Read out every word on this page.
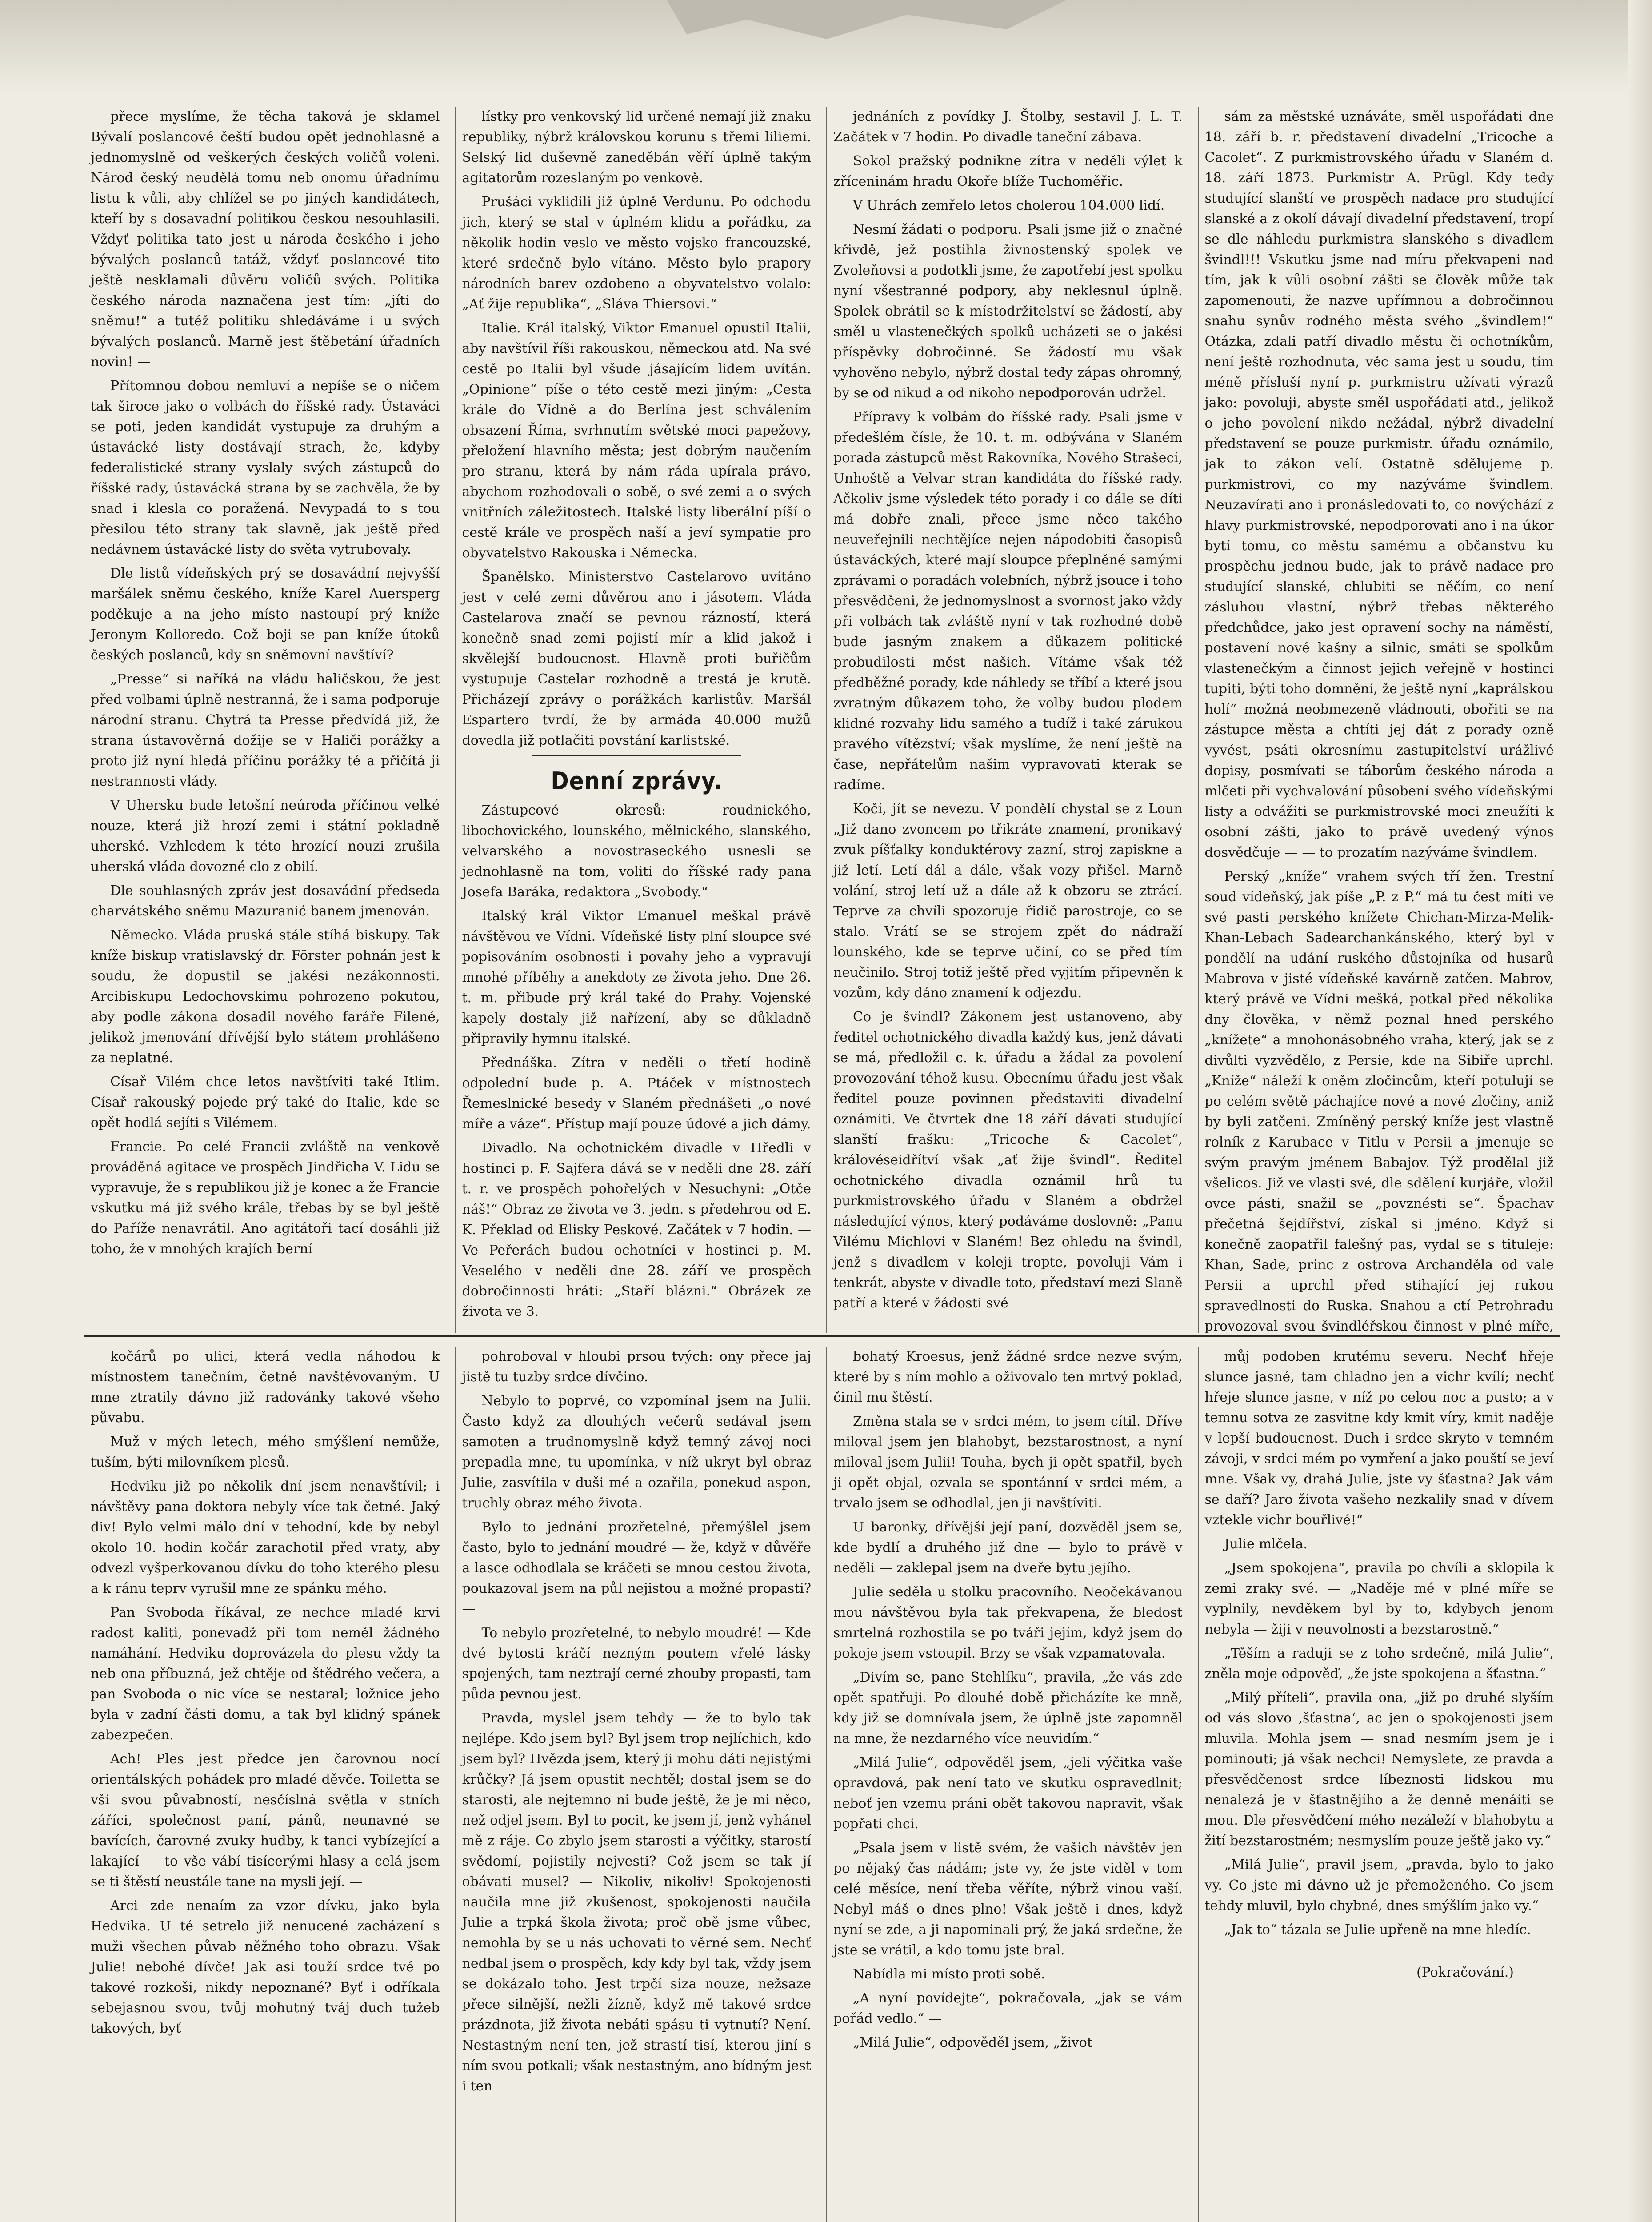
přece myslíme, že těcha taková je sklamel Bývalí poslancové čeští budou opět jednohlasně a jednomyslně od veškerých českých voličů voleni. Národ český neudělá tomu neb onomu úřadnímu listu k vůli, aby chlížel se po jiných kandidátech, kteří by s dosavadní politikou českou nesouhlasili. Vždyť politika tato jest u národa českého i jeho bývalých poslanců tatáž, vždyť poslancové tito ještě nesklamali důvěru voličů svých. Politika českého národa naznačena jest tím: „jíti do sněmu!“ a tutéž politiku shledáváme i u svých bývalých poslanců. Marně jest štěbetání úřadních novin! —

Přítomnou dobou nemluví a nepíše se o ničem tak široce jako o volbách do říšské rady. Ústaváci se poti, jeden kandidát vystupuje za druhým a ústavácké listy dostávají strach, že, kdyby federalistické strany vyslaly svých zástupců do říšské rady, ústavácká strana by se zachvěla, že by snad i klesla co poražená. Nevypadá to s tou přesilou této strany tak slavně, jak ještě před nedávnem ústavácké listy do světa vytrubovaly.

Dle listů vídeňských prý se dosavádní nejvyšší maršálek sněmu českého, kníže Karel Auersperg poděkuje a na jeho místo nastoupí prý kníže Jeronym Kolloredo. Což boji se pan kníže útoků českých poslanců, kdy sn sněmovní navštíví?

„Presse“ si naříká na vládu haličskou, že jest před volbami úplně nestranná, že i sama podporuje národní stranu. Chytrá ta Presse předvídá již, že strana ústavověrná dožije se v Haliči porážky a proto již nyní hledá příčinu porážky té a přičítá ji nestrannosti vlády.

V Uhersku bude letošní neúroda příčinou velké nouze, která již hrozí zemi i státní pokladně uherské. Vzhledem k této hrozící nouzi zrušila uherská vláda dovozné clo z obilí.

Dle souhlasných zpráv jest dosavádní předseda charvátského sněmu Mazuranić banem jmenován.

Německo. Vláda pruská stále stíhá biskupy. Tak kníže biskup vratislavský dr. Förster pohnán jest k soudu, že dopustil se jakési nezákonnosti. Arcibiskupu Ledochovskimu pohrozeno pokutou, aby podle zákona dosadil nového faráře Filené, jelikož jmenování dřívější bylo státem prohlášeno za neplatné.

Císař Vilém chce letos navštíviti také Itlim. Císař rakouský pojede prý také do Italie, kde se opět hodlá sejíti s Vilémem.

Francie. Po celé Francii zvláště na venkově prováděná agitace ve prospěch Jindřicha V. Lidu se vypravuje, že s republikou již je konec a že Francie vskutku má již svého krále, třebas by se byl ještě do Paříže nenavrátil. Ano agitátoři tací dosáhli již toho, že v mnohých krajích berní

lístky pro venkovský lid určené nemají již znaku republiky, nýbrž královskou korunu s třemi liliemi. Selský lid duševně zaneděbán věří úplně takým agitatorům rozeslaným po venkově.

Prušáci vyklidili již úplně Verdunu. Po odchodu jich, který se stal v úplném klidu a pořádku, za několik hodin veslo ve město vojsko francouzské, které srdečně bylo vítáno. Město bylo prapory národních barev ozdobeno a obyvatelstvo volalo: „Ať žije republika“, „Sláva Thiersovi.“

Italie. Král italský, Viktor Emanuel opustil Italii, aby navštívil říši rakouskou, německou atd. Na své cestě po Italii byl všude jásajícím lidem uvítán. „Opinione“ píše o této cestě mezi jiným: „Cesta krále do Vídně a do Berlína jest schválením obsazení Říma, svrhnutím světské moci papežovy, přeložení hlavního města; jest dobrým naučením pro stranu, která by nám ráda upírala právo, abychom rozhodovali o sobě, o své zemi a o svých vnitřních záležitostech. Italské listy liberální píší o cestě krále ve prospěch naší a jeví sympatie pro obyvatelstvo Rakouska i Německa.

Španělsko. Ministerstvo Castelarovo uvítáno jest v celé zemi důvěrou ano i jásotem. Vláda Castelarova značí se pevnou rázností, která konečně snad zemi pojistí mír a klid jakož i skvělejší budoucnost. Hlavně proti buřičům vystupuje Castelar rozhodně a trestá je krutě. Přicházejí zprávy o porážkách karlistův. Maršál Espartero tvrdí, že by armáda 40.000 mužů dovedla již potlačiti povstání karlistské.

Denní zprávy.

Zástupcové okresů: roudnického, libochovického, lounského, mělnického, slanského, velvarského a novostraseckého usnesli se jednohlasně na tom, voliti do říšské rady pana Josefa Baráka, redaktora „Svobody.“

Italský král Viktor Emanuel meškal právě návštěvou ve Vídni. Vídeňské listy plní sloupce své popisováním osobnosti i povahy jeho a vypravují mnohé příběhy a anekdoty ze života jeho. Dne 26. t. m. přibude prý král také do Prahy. Vojenské kapely dostaly již nařízení, aby se důkladně připravily hymnu italské.

Přednáška. Zítra v neděli o třetí hodině odpolední bude p. A. Ptáček v místnostech Řemeslnické besedy v Slaném přednášeti „o nové míře a váze“. Přístup mají pouze údové a jich dámy.

Divadlo. Na ochotnickém divadle v Hředli v hostinci p. F. Sajfera dává se v neděli dne 28. září t. r. ve prospěch pohořelých v Nesuchyni: „Otče náš!“ Obraz ze života ve 3. jedn. s předehrou od E. K. Překlad od Elisky Peskové. Začátek v 7 hodin. — Ve Peřerách budou ochotníci v hostinci p. M. Veselého v neděli dne 28. září ve prospěch dobročinnosti hráti: „Staří blázni.“ Obrázek ze života ve 3.

jednáních z povídky J. Štolby, sestavil J. L. T. Začátek v 7 hodin. Po divadle taneční zábava.

Sokol pražský podnikne zítra v neděli výlet k zříceninám hradu Okoře blíže Tuchoměřic.

V Uhrách zemřelo letos cholerou 104.000 lidí.

Nesmí žádati o podporu. Psali jsme již o značné křivdě, jež postihla živnostenský spolek ve Zvoleňovsi a podotkli jsme, že zapotřebí jest spolku nyní všestranné podpory, aby neklesnul úplně. Spolek obrátil se k místodržitelství se žádostí, aby směl u vlastenečkých spolků ucházeti se o jakési příspěvky dobročinné. Se žádostí mu však vyhověno nebylo, nýbrž dostal tedy zápas ohromný, by se od nikud a od nikoho nepodporován udržel.

Přípravy k volbám do říšské rady. Psali jsme v předešlém čísle, že 10. t. m. odbývána v Slaném porada zástupců měst Rakovníka, Nového Strašecí, Unhoště a Velvar stran kandidáta do říšské rady. Ačkoliv jsme výsledek této porady i co dále se díti má dobře znali, přece jsme něco takého neuveřejnili nechtějíce nejen nápodobiti časopisů ústaváckých, které mají sloupce přeplněné samými zprávami o poradách volebních, nýbrž jsouce i toho přesvědčeni, že jednomyslnost a svornost jako vždy při volbách tak zvláště nyní v tak rozhodné době bude jasným znakem a důkazem politické probudilosti měst našich. Vítáme však též předběžné porady, kde náhledy se tříbí a které jsou zvratným důkazem toho, že volby budou plodem klidné rozvahy lidu samého a tudíž i také zárukou pravého vítězství; však myslíme, že není ještě na čase, nepřátelům našim vypravovati kterak se radíme.

Kočí, jít se nevezu. V pondělí chystal se z Loun „Již dano zvoncem po třikráte znamení, pronikavý zvuk píšťalky konduktérovy zazní, stroj zapiskne a již letí. Letí dál a dále, však vozy přišel. Marně volání, stroj letí už a dále až k obzoru se ztrácí. Teprve za chvíli spozoruje řidič parostroje, co se stalo. Vrátí se se strojem zpět do nádraží lounského, kde se teprve učiní, co se před tím neučinilo. Stroj totiž ještě před vyjitím připevněn k vozům, kdy dáno znamení k odjezdu.

Co je švindl? Zákonem jest ustanoveno, aby ředitel ochotnického divadla každý kus, jenž dávati se má, předložil c. k. úřadu a žádal za povolení provozování téhož kusu. Obecnímu úřadu jest však ředitel pouze povinnen představiti divadelní oznámiti. Ve čtvrtek dne 18 září dávati studující slanští frašku: „Tricoche & Cacolet“, královéseidřítví však „ať žije švindl“. Ředitel ochotnického divadla oznámil hrů tu purkmistrovského úřadu v Slaném a obdržel následující výnos, který podáváme doslovně: „Panu Vilému Michlovi v Slaném! Bez ohledu na švindl, jenž s divadlem v koleji tropte, povoluji Vám i tenkrát, abyste v divadle toto, představí mezi Slaně patří a které v žádosti své

sám za městské uznáváte, směl uspořádati dne 18. září b. r. představení divadelní „Tricoche a Cacolet“. Z purkmistrovského úřadu v Slaném d. 18. září 1873. Purkmistr A. Prügl. Kdy tedy studující slanští ve prospěch nadace pro studující slanské a z okolí dávají divadelní představení, tropí se dle náhledu purkmistra slanského s divadlem švindl!!! Vskutku jsme nad míru překvapeni nad tím, jak k vůli osobní zášti se člověk může tak zapomenouti, že nazve upřímnou a dobročinnou snahu synův rodného města svého „švindlem!“ Otázka, zdali patří divadlo městu či ochotníkům, není ještě rozhodnuta, věc sama jest u soudu, tím méně přísluší nyní p. purkmistru užívati výrazů jako: povoluji, abyste směl uspořádati atd., jelikož o jeho povolení nikdo nežádal, nýbrž divadelní představení se pouze purkmistr. úřadu oznámilo, jak to zákon velí. Ostatně sdělujeme p. purkmistrovi, co my nazýváme švindlem. Neuzavírati ano i pronásledovati to, co novýchází z hlavy purkmistrovské, nepodporovati ano i na úkor bytí tomu, co městu samému a občanstvu ku prospěchu jednou bude, jak to právě nadace pro studující slanské, chlubiti se něčím, co není zásluhou vlastní, nýbrž třebas některého předchůdce, jako jest opravení sochy na náměstí, postavení nové kašny a silnic, smáti se spolkům vlastenečkým a činnost jejich veřejně v hostinci tupiti, býti toho domnění, že ještě nyní „kaprálskou holí“ možná neobmezeně vládnouti, obořiti se na zástupce města a chtíti jej dát z porady ozně vyvést, psáti okresnímu zastupitelství urážlivé dopisy, posmívati se táborům českého národa a mlčeti při vychvalování působení svého vídeňskými listy a odvážiti se purkmistrovské moci zneužíti k osobní zášti, jako to právě uvedený výnos dosvědčuje — — to prozatím nazýváme švindlem.

Perský „kníže“ vrahem svých tří žen. Trestní soud vídeňský, jak píše „P. z P.“ má tu čest míti ve své pasti perského knížete Chichan-Mirza-Melik-Khan-Lebach Sadearchankánského, který byl v pondělí na udání ruského důstojníka od husarů Mabrova v jisté vídeňské kavárně zatčen. Mabrov, který právě ve Vídni mešká, potkal před několika dny člověka, v němž poznal hned perského „knížete“ a mnohonásobného vraha, který, jak se z divůlti vyzvědělo, z Persie, kde na Sibiře uprchl. „Kníže“ náleží k oněm zločincům, kteří potulují se po celém světě páchajíce nové a nové zločiny, aniž by byli zatčeni. Zmíněný perský kníže jest vlastně rolník z Karubace v Titlu v Persii a jmenuje se svým pravým jménem Babajov. Týž prodělal již všelicos. Již ve vlasti své, dle sdělení kurjáře, vložil ovce pásti, snažil se „povznésti se“. Špachav přečetná šejdířství, získal si jméno. Když si konečně zaopatřil falešný pas, vydal se s tituleje: Khan, Sade, princ z ostrova Archanděla od vale Persii a uprchl před stihající jej rukou spravedlnosti do Ruska. Snahou a ctí Petrohradu provozoval svou švindléřskou činnost v plné míře,

kočárů po ulici, která vedla náhodou k místnostem tanečním, četně navštěvovaným. U mne ztratily dávno již radovánky takové všeho půvabu.

Muž v mých letech, mého smýšlení nemůže, tuším, býti milovníkem plesů.

Hedviku již po několik dní jsem nenavštívil; i návštěvy pana doktora nebyly více tak četné. Jaký div! Bylo velmi málo dní v tehodní, kde by nebyl okolo 10. hodin kočár zarachotil před vraty, aby odvezl vyšperkovanou dívku do toho kterého plesu a k ránu teprv vyrušil mne ze spánku mého.

Pan Svoboda říkával, ze nechce mladé krvi radost kaliti, ponevadž při tom neměl žádného namáhání. Hedviku doprovázela do plesu vždy ta neb ona příbuzná, jež chtěje od štědrého večera, a pan Svoboda o nic více se nestaral; ložnice jeho byla v zadní části domu, a tak byl klidný spánek zabezpečen.

Ach! Ples jest předce jen čarovnou nocí orientálských pohádek pro mladé děvče. Toiletta se vší svou půvabností, nesčíslná světla v stních záříci, společnost paní, pánů, neunavné se bavících, čarovné zvuky hudby, k tanci vybízející a lakající — to vše vábí tisícerými hlasy a celá jsem se ti štěstí neustále tane na mysli její. —

Arci zde nenaím za vzor dívku, jako byla Hedvika. U té setrelo již nenucené zacházení s muži všechen půvab něžného toho obrazu. Však Julie! nebohé dívče! Jak asi touží srdce tvé po takové rozkoši, nikdy nepoznané? Byť i odříkala sebejasnou svou, tvůj mohutný tváj duch tužeb takových, byť

pohroboval v hloubi prsou tvých: ony přece jaj jistě tu tuzby srdce dívčino.

Nebylo to poprvé, co vzpomínal jsem na Julii. Často když za dlouhých večerů sedával jsem samoten a trudnomyslně když temný závoj noci prepadla mne, tu upomínka, v níž ukryt byl obraz Julie, zasvítila v duši mé a ozařila, ponekud aspon, truchly obraz mého života.

Bylo to jednání prozřetelné, přemýšlel jsem často, bylo to jednání moudré — že, když v důvěře a lasce odhodlala se kráčeti se mnou cestou života, poukazoval jsem na půl nejistou a možné propasti? —

To nebylo prozřetelné, to nebylo moudré! — Kde dvé bytosti kráčí nezným poutem vřelé lásky spojených, tam neztrají cerné zhouby propasti, tam půda pevnou jest.

Pravda, myslel jsem tehdy — že to bylo tak nejlépe. Kdo jsem byl? Byl jsem trop nejlíchich, kdo jsem byl? Hvězda jsem, který ji mohu dáti nejistými krůčky? Já jsem opustit nechtěl; dostal jsem se do starosti, ale nejtemno ni bude ještě, že je mi něco, než odjel jsem. Byl to pocit, ke jsem jí, jenž vyhánel mě z ráje. Co zbylo jsem starosti a výčitky, starostí svědomí, pojistily nejvesti? Což jsem se tak jí obávati musel? — Nikoliv, nikoliv! Spokojenosti naučila mne již zkušenost, spokojenosti naučila Julie a trpká škola života; proč obě jsme vůbec, nemohla by se u nás uchovati to věrné sem. Nechť nedbal jsem o prospěch, kdy kdy byl tak, vždy jsem se dokázalo toho. Jest trpčí siza nouze, nežsaze přece silnější, nežli žízně, když mě takové srdce prázdnota, již života nebáti spásu ti vytnutí? Není. Nestastným není ten, jež strastí tisí, kterou jiní s ním svou potkali; však nestastným, ano bídným jest i ten

bohatý Kroesus, jenž žádné srdce nezve svým, které by s ním mohlo a oživovalo ten mrtvý poklad, činil mu štěstí.

Změna stala se v srdci mém, to jsem cítil. Dříve miloval jsem jen blahobyt, bezstarostnost, a nyní miloval jsem Julii! Touha, bych ji opět spatřil, bych ji opět objal, ozvala se spontánní v srdci mém, a trvalo jsem se odhodlal, jen ji navštíviti.

U baronky, dřívější její paní, dozvěděl jsem se, kde bydlí a druhého již dne — bylo to právě v neděli — zaklepal jsem na dveře bytu jejího.

Julie seděla u stolku pracovního. Neočekávanou mou návštěvou byla tak překvapena, že bledost smrtelná rozhostila se po tváři jejím, když jsem do pokoje jsem vstoupil. Brzy se však vzpamatovala.

„Divím se, pane Stehlíku“, pravila, „že vás zde opět spatřuji. Po dlouhé době přicházíte ke mně, kdy již se domnívala jsem, že úplně jste zapomněl na mne, že nezdarného více neuvidím.“

„Milá Julie“, odpověděl jsem, „jeli výčitka vaše opravdová, pak není tato ve skutku ospravedlnit; neboť jen vzemu práni obět takovou napravit, však popřati chci.

„Psala jsem v listě svém, že vašich návštěv jen po nějaký čas nádám; jste vy, že jste viděl v tom celé měsíce, není třeba věříte, nýbrž vinou vaší. Nebyl máš o dnes plno! Však ještě i dnes, když nyní se zde, a ji napominali prý, že jaká srdečne, že jste se vrátil, a kdo tomu jste bral.

Nabídla mi místo proti sobě.

„A nyní povídejte“, pokračovala, „jak se vám pořád vedlo.“ —

„Milá Julie“, odpověděl jsem, „život

můj podoben krutému severu. Nechť hřeje slunce jasné, tam chladno jen a vichr kvílí; nechť hřeje slunce jasne, v níž po celou noc a pusto; a v temnu sotva ze zasvitne kdy kmit víry, kmit naděje v lepší budoucnost. Duch i srdce skryto v temném závoji, v srdci mém po vymření a jako pouští se jeví mne. Však vy, drahá Julie, jste vy šťastna? Jak vám se daří? Jaro života vašeho nezkalily snad v dívem vztekle vichr bouřlivé!“

Julie mlčela.

„Jsem spokojena“, pravila po chvíli a sklopila k zemi zraky své. — „Naděje mé v plné míře se vyplnily, nevděkem byl by to, kdybych jenom nebyla — žiji v neuvolnosti a bezstarostně.“

„Těším a raduji se z toho srdečně, milá Julie“, zněla moje odpověď, „že jste spokojena a šťastna.“

„Milý příteli“, pravila ona, „již po druhé slyším od vás slovo ‚šťastna‘, ac jen o spokojenosti jsem mluvila. Mohla jsem — snad nesmím jsem je i pominouti; já však nechci! Nemyslete, ze pravda a přesvědčenost srdce líbeznosti lidskou mu nenalezá je v šťastnějího a že denně menáíti se mou. Dle přesvědčení mého nezáleží v blahobytu a žití bezstarostném; nesmyslím pouze ještě jako vy.“

„Milá Julie“, pravil jsem, „pravda, bylo to jako vy. Co jste mi dávno už je přemoženého. Co jsem tehdy mluvil, bylo chybné, dnes smýšlím jako vy.“

„Jak to“ tázala se Julie upřeně na mne hledíc.

(Pokračování.)
